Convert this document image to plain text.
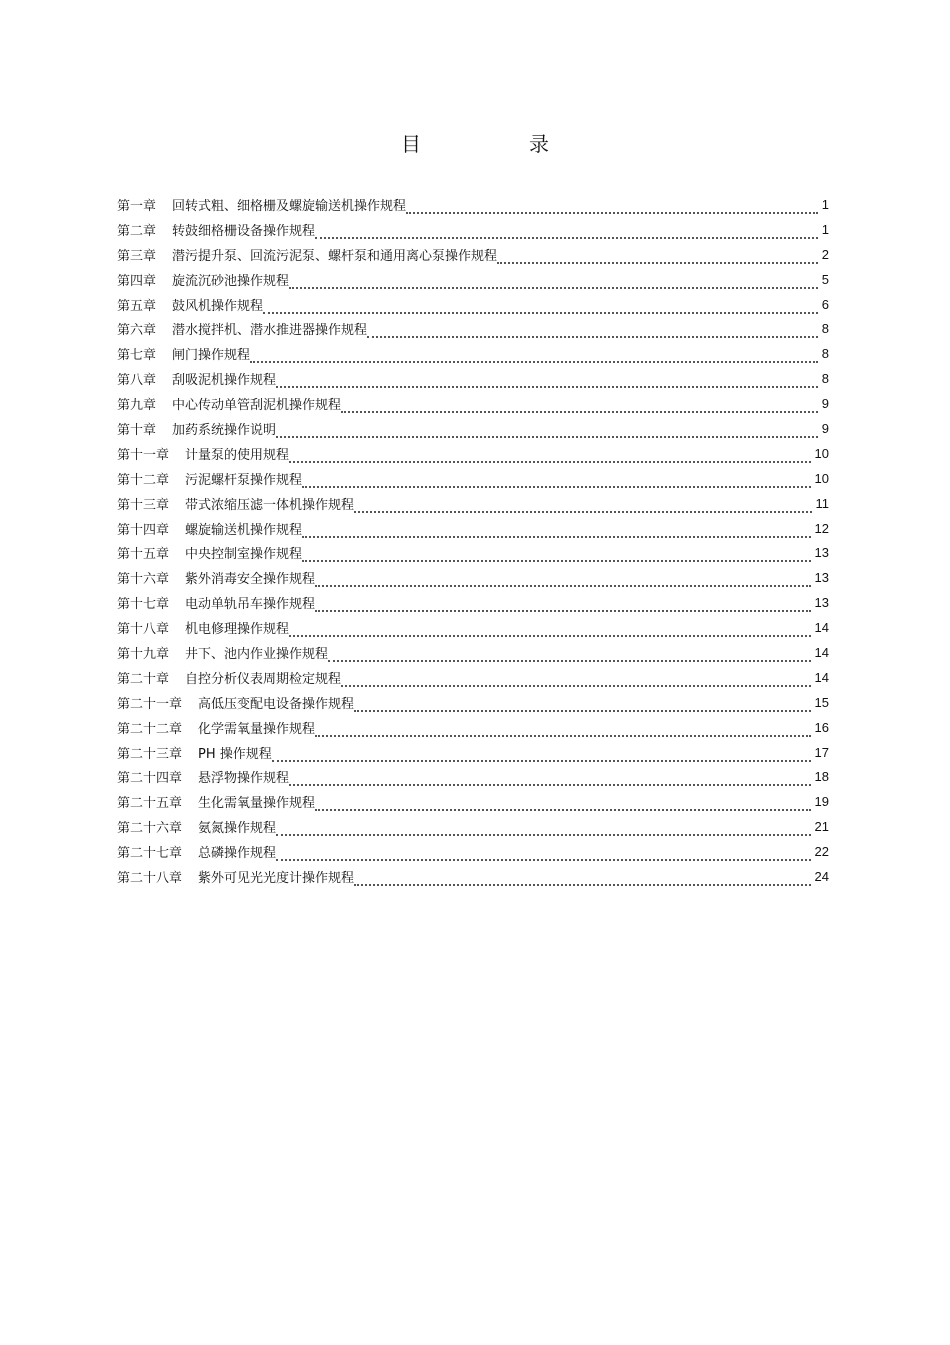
目　录
第一章 回转式粗、细格栅及螺旋输送机操作规程	1
第二章 转鼓细格栅设备操作规程	1
第三章 潜污提升泵、回流污泥泵、螺杆泵和通用离心泵操作规程	2
第四章 旋流沉砂池操作规程	5
第五章 鼓风机操作规程	6
第六章 潜水搅拌机、潜水推进器操作规程	8
第七章 闸门操作规程	8
第八章 刮吸泥机操作规程	8
第九章 中心传动单管刮泥机操作规程	9
第十章 加药系统操作说明	9
第十一章 计量泵的使用规程	10
第十二章 污泥螺杆泵操作规程	10
第十三章 带式浓缩压滤一体机操作规程	11
第十四章 螺旋输送机操作规程	12
第十五章 中央控制室操作规程	13
第十六章 紫外消毒安全操作规程	13
第十七章 电动单轨吊车操作规程	13
第十八章 机电修理操作规程	14
第十九章 井下、池内作业操作规程	14
第二十章 自控分析仪表周期检定规程	14
第二十一章 高低压变配电设备操作规程	15
第二十二章 化学需氧量操作规程	16
第二十三章 PH 操作规程	17
第二十四章 悬浮物操作规程	18
第二十五章 生化需氧量操作规程	19
第二十六章 氨氮操作规程	21
第二十七章 总磷操作规程	22
第二十八章 紫外可见光光度计操作规程	24
